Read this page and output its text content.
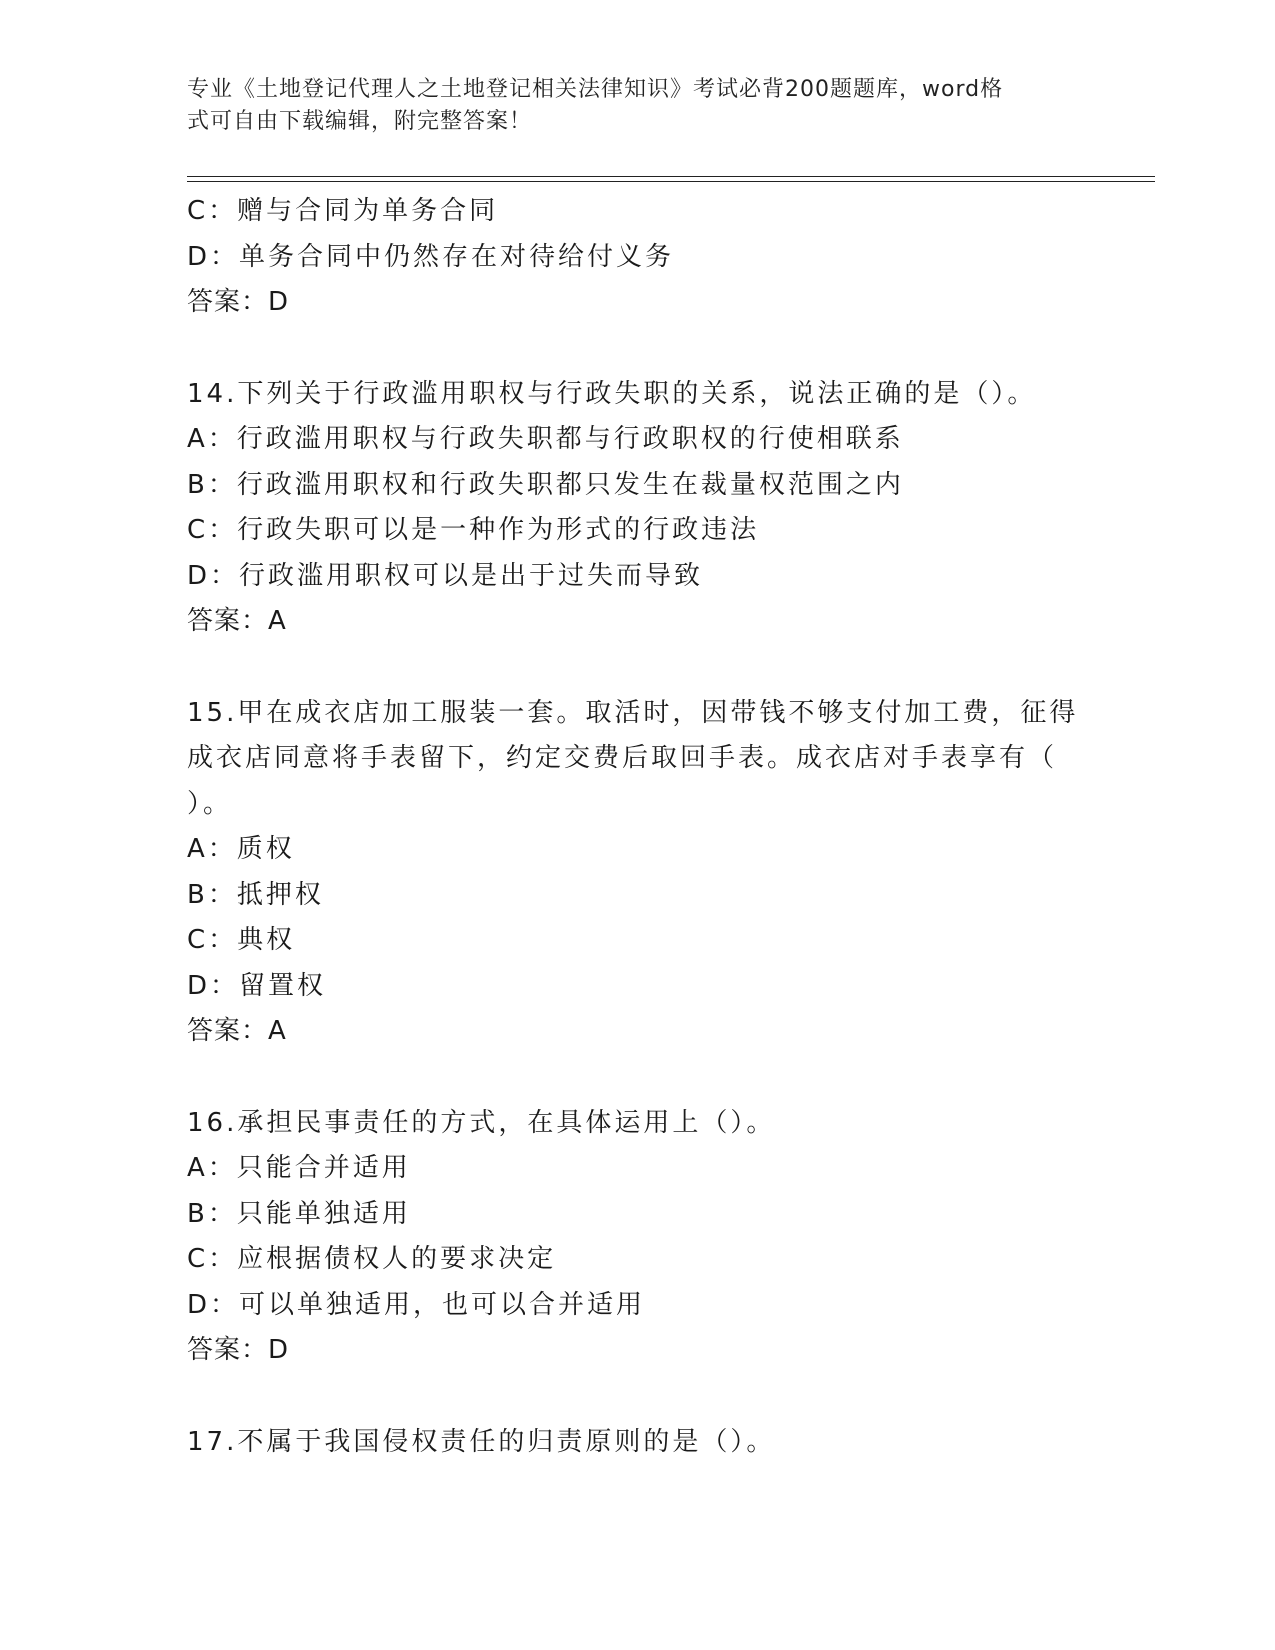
专业《土地登记代理人之土地登记相关法律知识》考试必背200题题库，word格
式可自由下载编辑，附完整答案！
C：赠与合同为单务合同
D：单务合同中仍然存在对待给付义务
答案：D
14.下列关于行政滥用职权与行政失职的关系，说法正确的是（）。
A：行政滥用职权与行政失职都与行政职权的行使相联系
B：行政滥用职权和行政失职都只发生在裁量权范围之内
C：行政失职可以是一种作为形式的行政违法
D：行政滥用职权可以是出于过失而导致
答案：A
15.甲在成衣店加工服装一套。取活时，因带钱不够支付加工费，征得
成衣店同意将手表留下，约定交费后取回手表。成衣店对手表享有（
）。
A：质权
B：抵押权
C：典权
D：留置权
答案：A
16.承担民事责任的方式，在具体运用上（）。
A：只能合并适用
B：只能单独适用
C：应根据债权人的要求决定
D：可以单独适用，也可以合并适用
答案：D
17.不属于我国侵权责任的归责原则的是（）。
